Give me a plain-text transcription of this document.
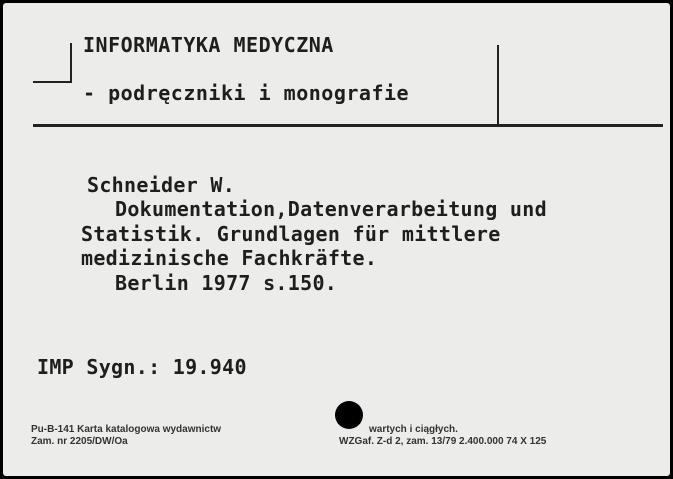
INFORMATYKA MEDYCZNA
- podręczniki i monografie
Schneider W.
Dokumentation,Datenverarbeitung und
Statistik. Grundlagen für mittlere
medizinische Fachkräfte.
Berlin 1977 s.150.
IMP Sygn.: 19.940
Pu-B-141 Karta katalogowa wydawnictw
Zam. nr 2205/DW/Oa
wartych i ciągłych.
WZGaf. Z-d 2, zam. 13/79 2.400.000 74 X 125
